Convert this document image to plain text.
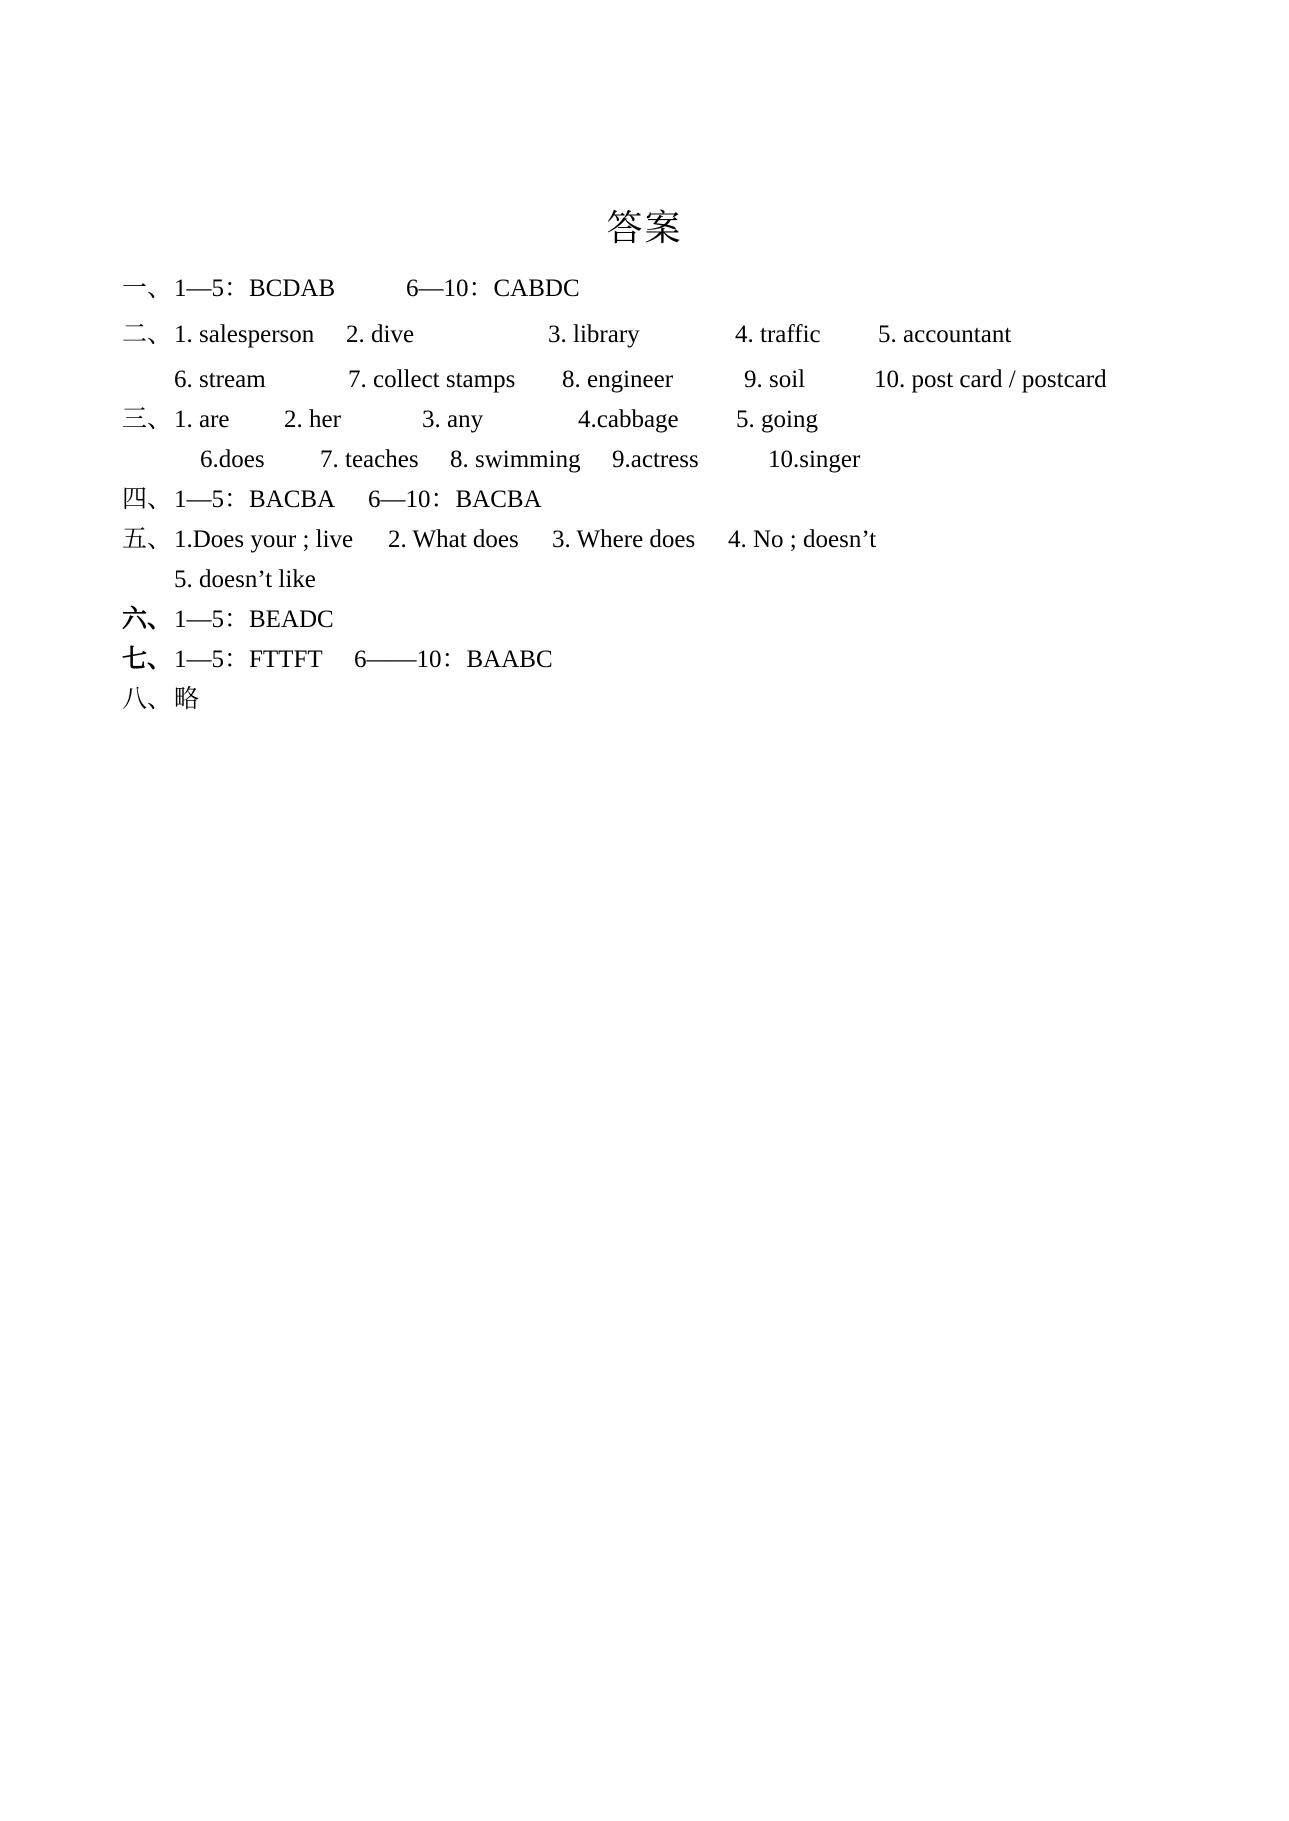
答案
一、 1—5：BCDAB	6—10：CABDC
二、 1. salesperson 2. dive	3. library	4. traffic 5. accountant
6. stream	7. collect stamps 8. engineer	9. soil	10. post card / postcard
三、 1. are 2. her	3. any	4.cabbage 5. going
6.does 7. teaches 8. swimming 9.actress	10.singer
四、 1—5：BACBA 6—10：BACBA
五、 1.Does your ; live 2. What does 3. Where does 4. No ; doesn’t
5. doesn’t like
六、 1—5：BEADC
七、 1—5：FTTFT 6——10：BAABC
八、 略
